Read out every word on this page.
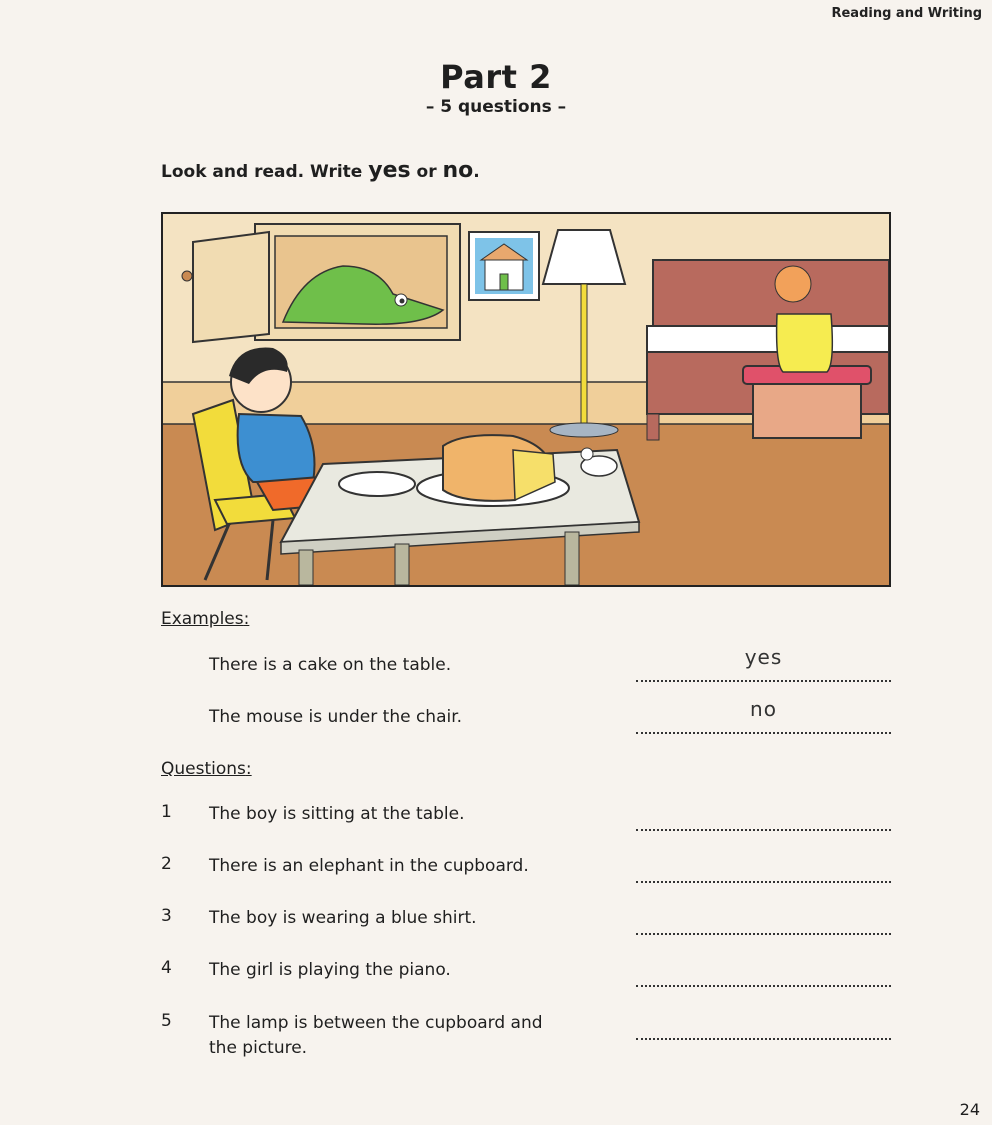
Reading and Writing
Part 2
– 5 questions –
Look and read. Write yes or no.
Examples:
There is a cake on the table.	yes
The mouse is under the chair.	no
Questions:
1	The boy is sitting at the table.
2	There is an elephant in the cupboard.
3	The boy is wearing a blue shirt.
4	The girl is playing the piano.
5	The lamp is between the cupboard and the picture.
24
